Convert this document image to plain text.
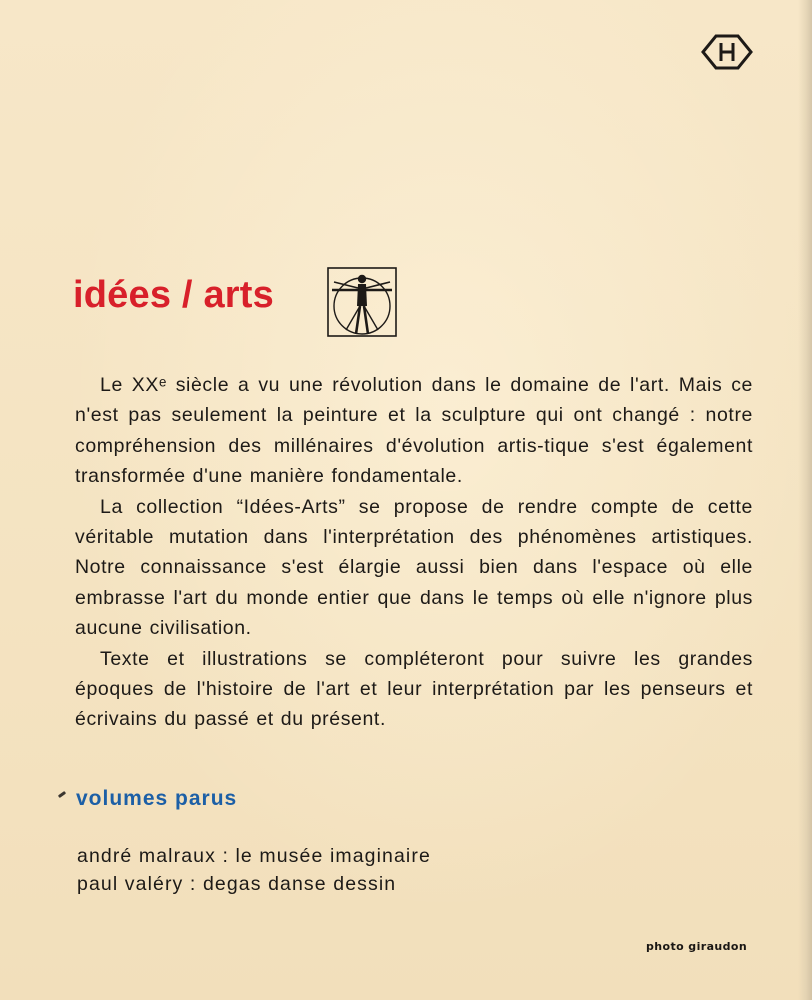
idées / arts

Le XXᵉ siècle a vu une révolution dans le domaine de l'art. Mais ce n'est pas seulement la peinture et la sculpture qui ont changé : notre compréhension des millénaires d'évolution artis-tique s'est également transformée d'une manière fondamentale.

La collection “Idées-Arts” se propose de rendre compte de cette véritable mutation dans l'interprétation des phénomènes artistiques. Notre connaissance s'est élargie aussi bien dans l'espace où elle embrasse l'art du monde entier que dans le temps où elle n'ignore plus aucune civilisation.

Texte et illustrations se compléteront pour suivre les grandes époques de l'histoire de l'art et leur interprétation par les penseurs et écrivains du passé et du présent.

volumes parus
andré malraux : le musée imaginaire
paul valéry : degas danse dessin
photo giraudon
